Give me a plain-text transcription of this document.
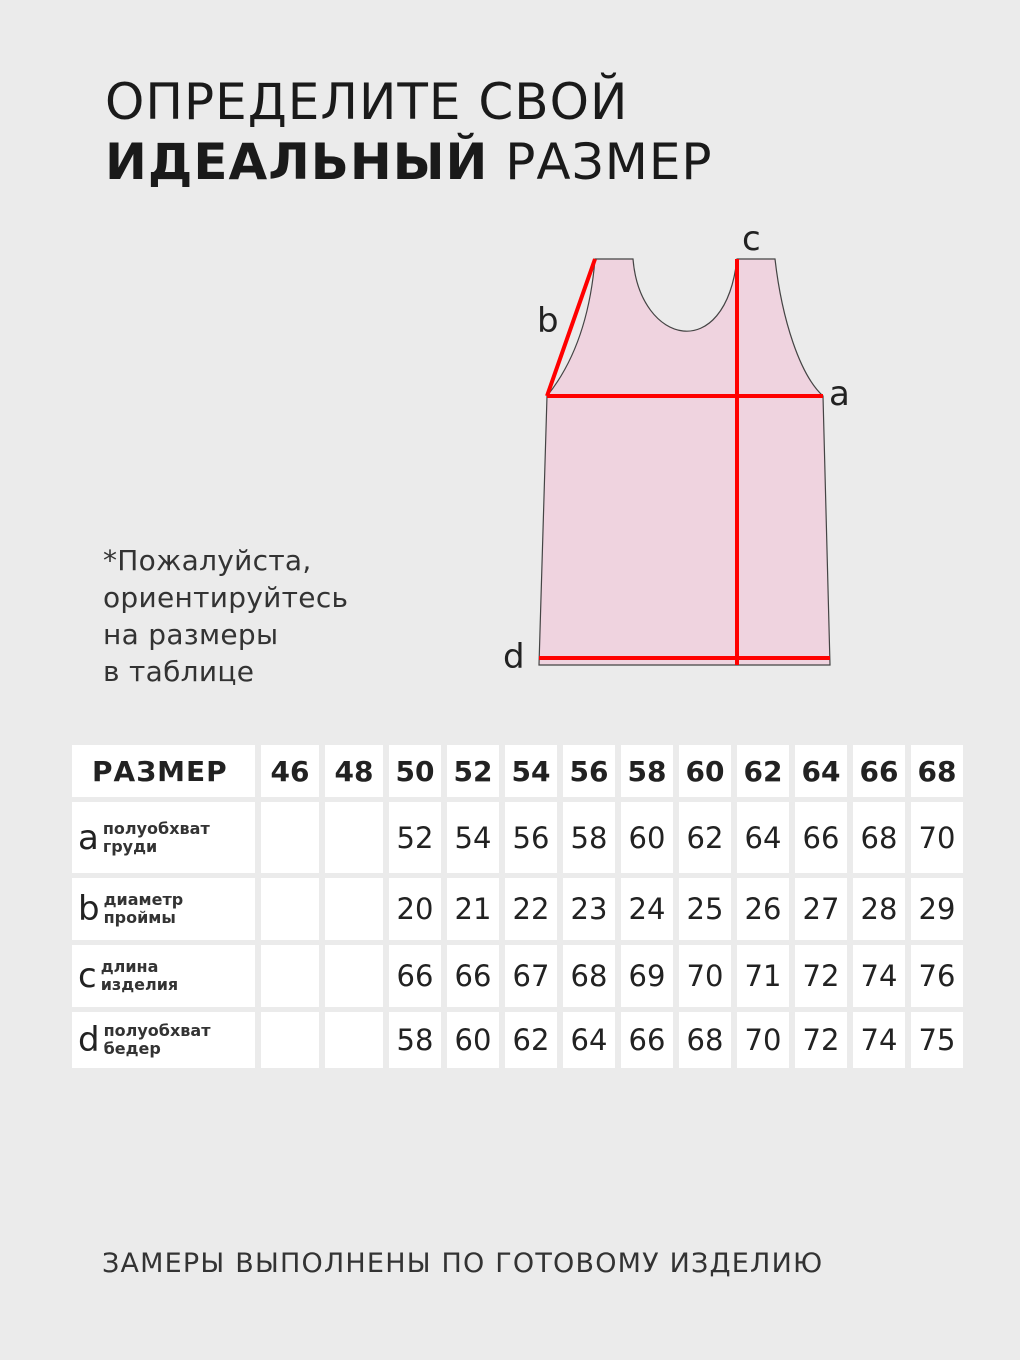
ОПРЕДЕЛИТЕ СВОЙ
ИДЕАЛЬНЫЙ РАЗМЕР
c
b
a
d
*Пожалуйста,
ориентируйтесь
на размеры
в таблице
РАЗМЕР	46	48	50	52	54	56	58	60	62	64	66	68

a полуобхват
груди			52	54	56	58	60	62	64	66	68	70

b диаметр
проймы			20	21	22	23	24	25	26	27	28	29

c длина
изделия			66	66	67	68	69	70	71	72	74	76

d полуобхват
бедер			58	60	62	64	66	68	70	72	74	75
ЗАМЕРЫ ВЫПОЛНЕНЫ ПО ГОТОВОМУ ИЗДЕЛИЮ
